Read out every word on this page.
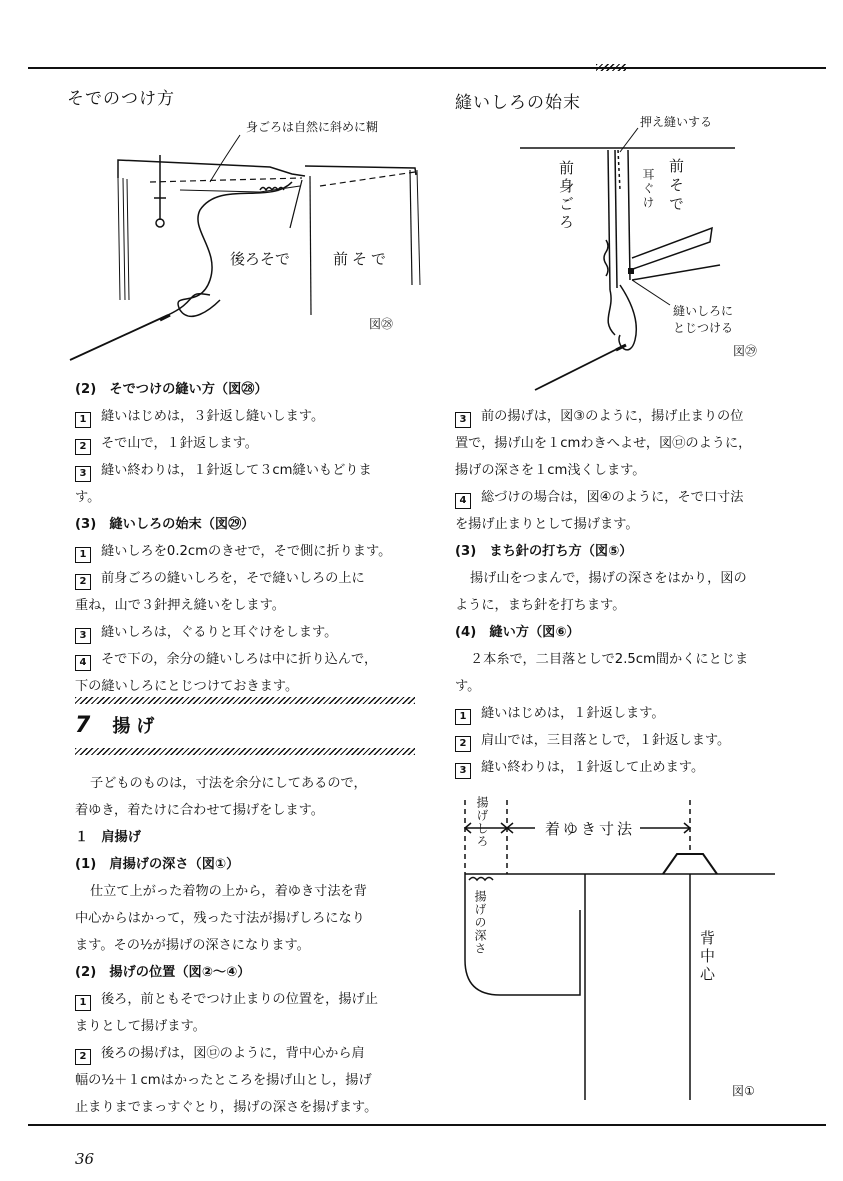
そでのつけ方
身ごろは自然に斜めに糊
後ろそで	前そで
図㉘
(2)　そでつけの縫い方（図㉘）
1 縫いはじめは，３針返し縫いします。
2 そで山で，１針返します。
3 縫い終わりは，１針返して３cm縫いもどりま
す。
(3)　縫いしろの始末（図㉙）
1 縫いしろを0.2cmのきせで，そで側に折ります。
2 前身ごろの縫いしろを，そで縫いしろの上に
重ね，山で３針押え縫いをします。
3 縫いしろは，ぐるりと耳ぐけをします。
4 そで下の，余分の縫いしろは中に折り込んで，
下の縫いしろにとじつけておきます。
7 揚げ
子どものものは，寸法を余分にしてあるので，
着ゆき，着たけに合わせて揚げをします。
１　肩揚げ
(1)　肩揚げの深さ（図①）
仕立て上がった着物の上から，着ゆき寸法を背
中心からはかって，残った寸法が揚げしろになり
ます。その½が揚げの深さになります。
(2)　揚げの位置（図②～④）
1 後ろ，前ともそでつけ止まりの位置を，揚げ止
まりとして揚げます。
2 後ろの揚げは，図㋺のように，背中心から肩
幅の½＋１cmはかったところを揚げ山とし，揚げ
止まりまでまっすぐとり，揚げの深さを揚げます。
縫いしろの始末
押え縫いする
前身ごろ	耳ぐけ 前そで
縫いしろに
とじつける
図㉙
3 前の揚げは，図③のように，揚げ止まりの位
置で，揚げ山を１cmわきへよせ，図㋺のように，
揚げの深さを１cm浅くします。
4 総づけの場合は，図④のように，そで口寸法
を揚げ止まりとして揚げます。
(3)　まち針の打ち方（図⑤）
揚げ山をつまんで，揚げの深さをはかり，図の
ように，まち針を打ちます。
(4)　縫い方（図⑥）
２本糸で，二目落としで2.5cm間かくにとじま
す。
1 縫いはじめは，１針返します。
2 肩山では，三目落としで，１針返します。
3 縫い終わりは，１針返して止めます。
揚げしろ	着ゆき寸法
揚げの深さ
背中心
図①
36
